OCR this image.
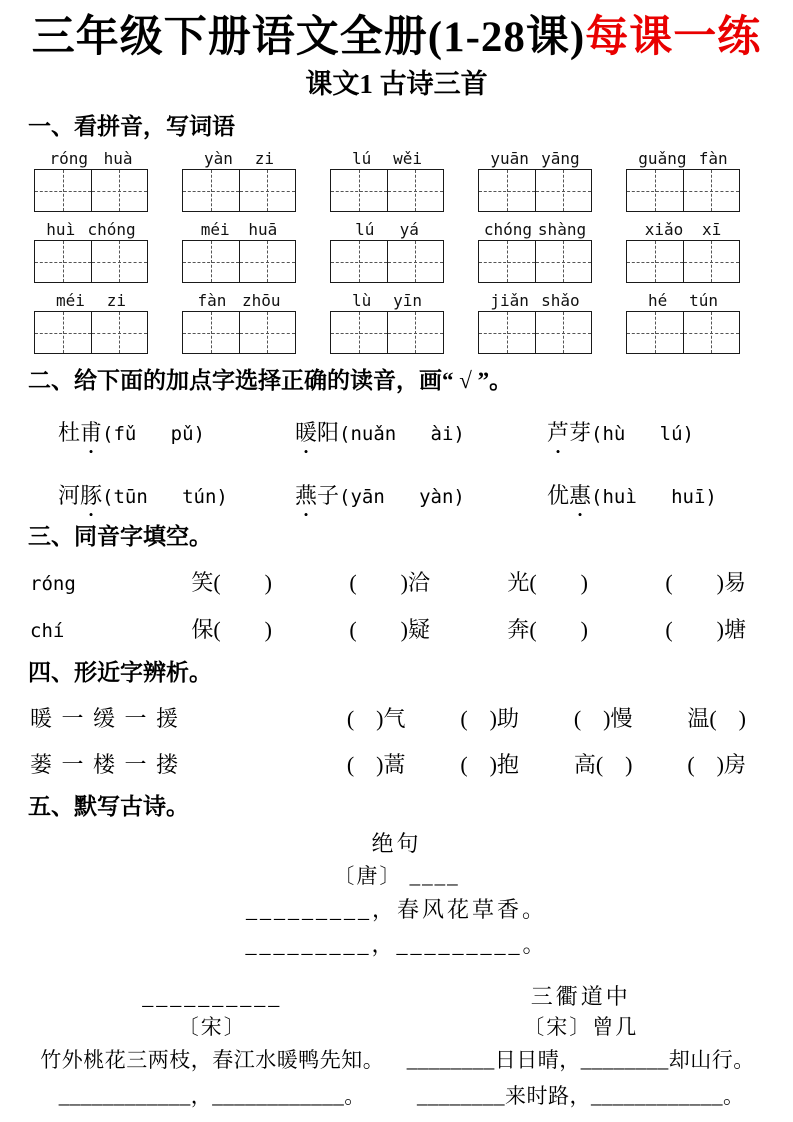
三年级下册语文全册(1-28课)每课一练
课文1 古诗三首
一、看拼音，写词语
róng huà	yàn zi	lú wěi	yuān yāng	guǎng fàn
huì chóng	méi huā	lú yá	chóng shàng	xiǎo xī
méi zi	fàn zhōu	lù yīn	jiǎn shǎo	hé tún
二、给下面的加点字选择正确的读音，画“ √ ”。
杜甫(fǔ   pǔ)	暖阳(nuǎn   ài)	芦芽(hù   lú)
河豚(tūn   tún)	燕子(yān   yàn)	优惠(huì   huī)
三、同音字填空。
róng	笑(        )	(        )洽	光(        )	(        )易
chí	保(        )	(        )疑	奔(        )	(        )塘
四、形近字辨析。
暖 一 缓 一 援	(    )气 (    )助 (    )慢 温(    )
蒌 一 楼 一 搂	(    )蒿 (    )抱 高(    ) (    )房
五、默写古诗。
绝句
〔唐〕 ____
_________，春风花草香。
_________，_________。
__________
〔宋〕
竹外桃花三两枝，春江水暖鸭先知。
____________，____________。
三衢道中
〔宋〕曾几
________日日晴，________却山行。
________来时路，____________。
